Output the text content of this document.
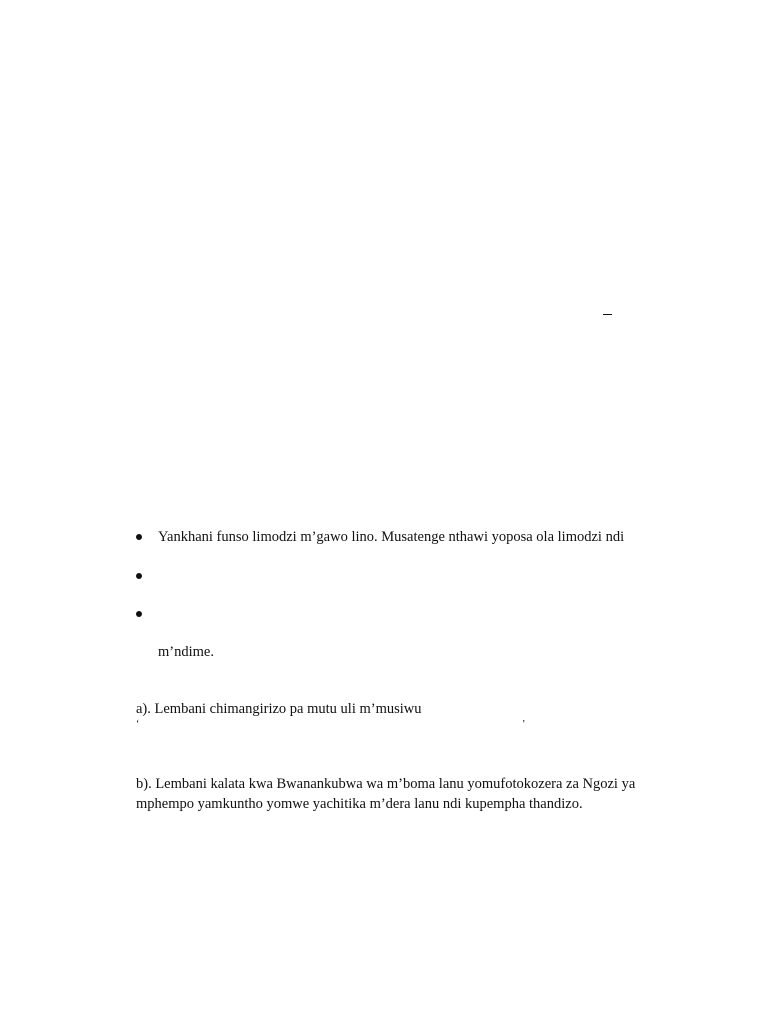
Yankhani funso limodzi m’gawo lino. Musatenge nthawi yoposa ola limodzi ndi
m’ndime.
a). Lembani chimangirizo pa mutu uli m’musiwu
‘	’
b). Lembani kalata kwa Bwanankubwa wa m’boma lanu yomufotokozera za Ngozi ya
mphempo yamkuntho yomwe yachitika m’dera lanu ndi kupempha thandizo.
